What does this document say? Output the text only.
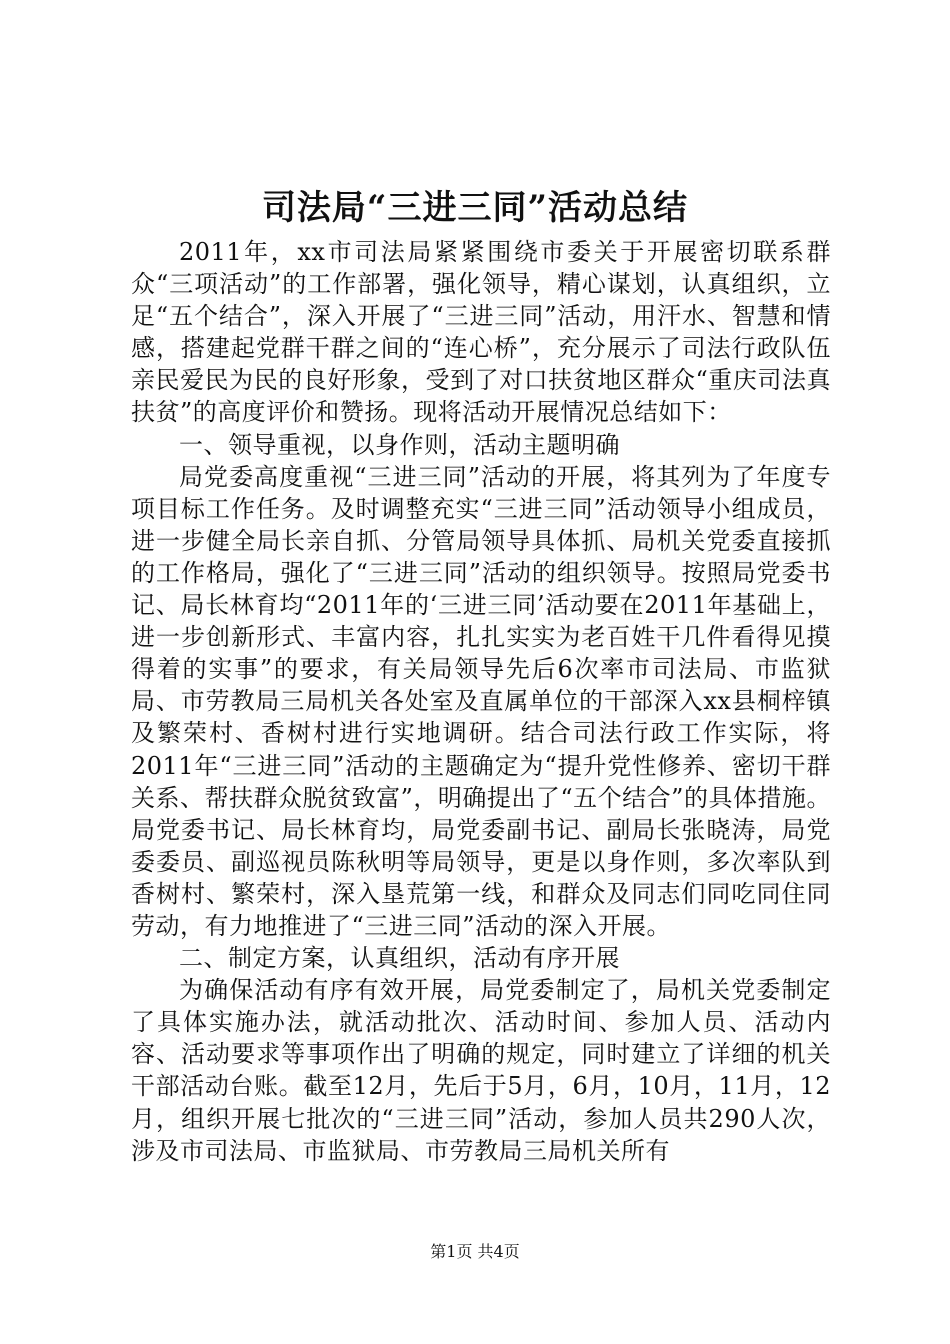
司法局“三进三同”活动总结

2011年，xx市司法局紧紧围绕市委关于开展密切联系群众“三项活动”的工作部署，强化领导，精心谋划，认真组织，立足“五个结合”，深入开展了“三进三同”活动，用汗水、智慧和情感，搭建起党群干群之间的“连心桥”，充分展示了司法行政队伍亲民爱民为民的良好形象，受到了对口扶贫地区群众“重庆司法真扶贫”的高度评价和赞扬。现将活动开展情况总结如下：

一、领导重视，以身作则，活动主题明确

局党委高度重视“三进三同”活动的开展，将其列为了年度专项目标工作任务。及时调整充实“三进三同”活动领导小组成员，进一步健全局长亲自抓、分管局领导具体抓、局机关党委直接抓的工作格局，强化了“三进三同”活动的组织领导。按照局党委书记、局长林育均“2011年的‘三进三同’活动要在2011年基础上，进一步创新形式、丰富内容，扎扎实实为老百姓干几件看得见摸得着的实事”的要求，有关局领导先后6次率市司法局、市监狱局、市劳教局三局机关各处室及直属单位的干部深入xx县桐梓镇及繁荣村、香树村进行实地调研。结合司法行政工作实际，将2011年“三进三同”活动的主题确定为“提升党性修养、密切干群关系、帮扶群众脱贫致富”，明确提出了“五个结合”的具体措施。局党委书记、局长林育均，局党委副书记、副局长张晓涛，局党委委员、副巡视员陈秋明等局领导，更是以身作则，多次率队到香树村、繁荣村，深入垦荒第一线，和群众及同志们同吃同住同劳动，有力地推进了“三进三同”活动的深入开展。

二、制定方案，认真组织，活动有序开展

为确保活动有序有效开展，局党委制定了，局机关党委制定了具体实施办法，就活动批次、活动时间、参加人员、活动内容、活动要求等事项作出了明确的规定，同时建立了详细的机关干部活动台账。截至12月，先后于5月，6月，10月，11月，12月，组织开展七批次的“三进三同”活动，参加人员共290人次，涉及市司法局、市监狱局、市劳教局三局机关所有

第1页 共4页
